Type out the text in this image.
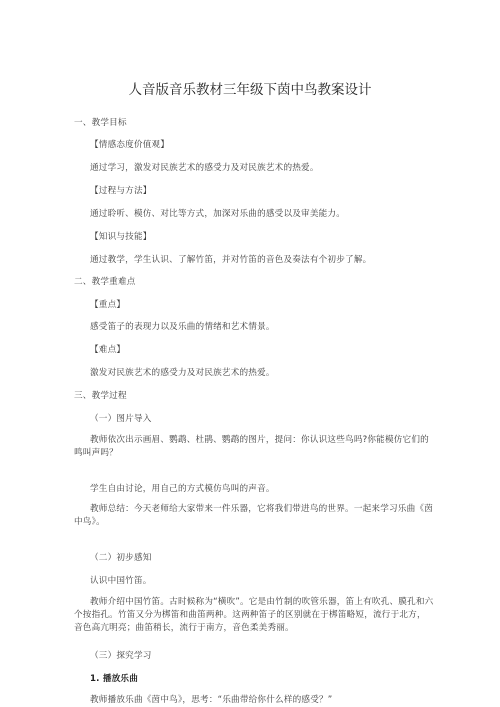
人音版音乐教材三年级下茵中鸟教案设计
一、教学目标
【情感态度价值观】
通过学习，激发对民族艺术的感受力及对民族艺术的热爱。
【过程与方法】
通过聆听、模仿、对比等方式，加深对乐曲的感受以及审美能力。
【知识与技能】
通过教学，学生认识、了解竹笛，并对竹笛的音色及奏法有个初步了解。
二、教学重难点
【重点】
感受笛子的表现力以及乐曲的情绪和艺术情景。
【难点】
激发对民族艺术的感受力及对民族艺术的热爱。
三、教学过程
（一）图片导入
教师依次出示画眉、鹦鹉、杜鹃、鹦鹉的图片，提问：你认识这些鸟吗?你能模仿它们的鸣叫声吗？
学生自由讨论，用自己的方式模仿鸟叫的声音。
教师总结：今天老师给大家带来一件乐器，它将我们带进鸟的世界。一起来学习乐曲《茵中鸟》。
（二）初步感知
认识中国竹笛。
教师介绍中国竹笛。古时候称为“横吹”。它是由竹制的吹管乐器，笛上有吹孔、膜孔和六个按指孔。竹笛又分为梆笛和曲笛两种。这两种笛子的区别就在于梆笛略短，流行于北方，音色高亢明亮；曲笛稍长，流行于南方，音色柔美秀丽。
（三）探究学习
1. 播放乐曲
教师播放乐曲《茵中鸟》，思考：“乐曲带给你什么样的感受？”
